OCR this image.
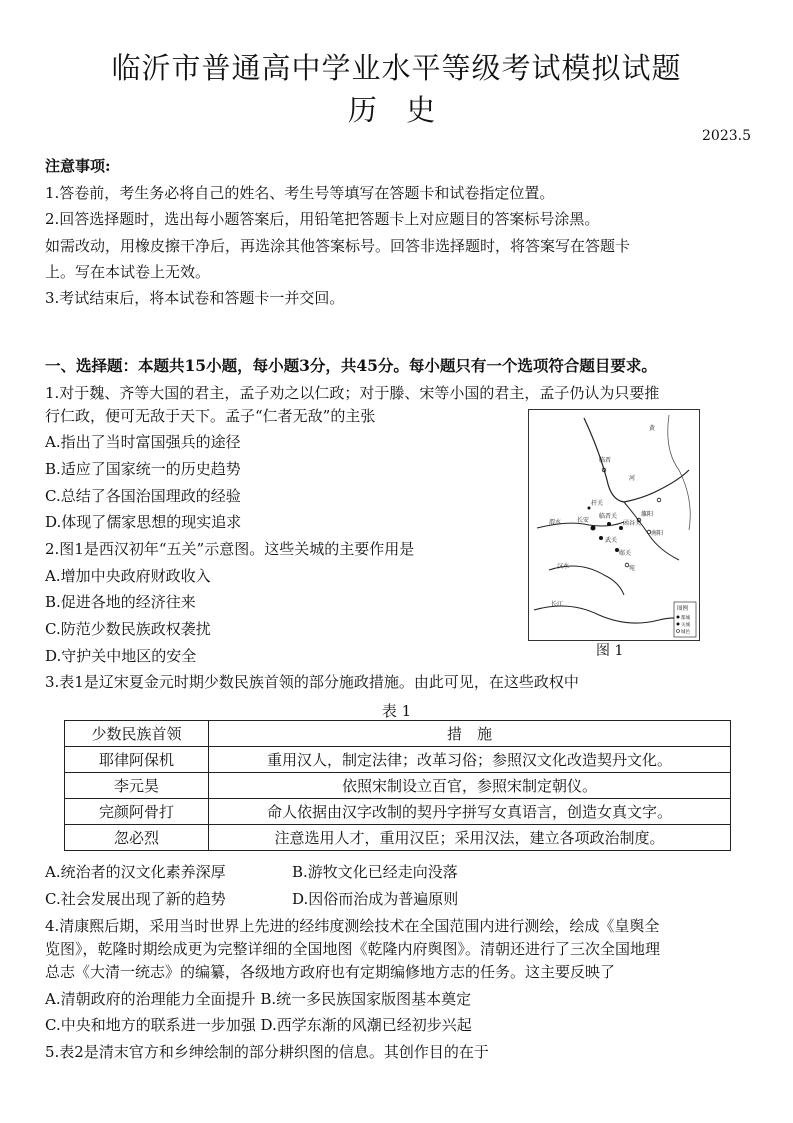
临沂市普通高中学业水平等级考试模拟试题
历 史
2023.5
注意事项:
1.答卷前，考生务必将自己的姓名、考生号等填写在答题卡和试卷指定位置。
2.回答选择题时，选出每小题答案后，用铅笔把答题卡上对应题目的答案标号涂黑。
如需改动，用橡皮擦干净后，再选涂其他答案标号。回答非选择题时，将答案写在答题卡
上。写在本试卷上无效。
3.考试结束后，将本试卷和答题卡一并交回。
一、选择题：本题共15小题，每小题3分，共45分。每小题只有一个选项符合题目要求。
1.对于魏、齐等大国的君主，孟子劝之以仁政；对于滕、宋等小国的君主，孟子仍认为只要推
行仁政，便可无敌于天下。孟子“仁者无敌”的主张
A.指出了当时富国强兵的途径
B.适应了国家统一的历史趋势
C.总结了各国治国理政的经验
D.体现了儒家思想的现实追求
2.图1是西汉初年“五关”示意图。这些关城的主要作用是
A.增加中央政府财政收入
B.促进各地的经济往来
C.防范少数民族政权袭扰
D.守护关中地区的安全
长安
临晋关
函谷关
武关
郧关
扞关
雒阳
南阳
宛
临晋
黄
河
渭水
汉水
长江
图例
都城
关城
城邑
图 1
3.表1是辽宋夏金元时期少数民族首领的部分施政措施。由此可见，在这些政权中
表 1
少数民族首领	措　施
耶律阿保机	重用汉人，制定法律；改革习俗；参照汉文化改造契丹文化。
李元昊	依照宋制设立百官，参照宋制定朝仪。
完颜阿骨打	命人依据由汉字改制的契丹字拼写女真语言，创造女真文字。
忽必烈	注意选用人才，重用汉臣；采用汉法，建立各项政治制度。
A.统治者的汉文化素养深厚	B.游牧文化已经走向没落
C.社会发展出现了新的趋势	D.因俗而治成为普遍原则
4.清康熙后期，采用当时世界上先进的经纬度测绘技术在全国范围内进行测绘，绘成《皇舆全
览图》，乾隆时期绘成更为完整详细的全国地图《乾隆内府舆图》。清朝还进行了三次全国地理
总志《大清一统志》的编纂，各级地方政府也有定期编修地方志的任务。这主要反映了
A.清朝政府的治理能力全面提升 B.统一多民族国家版图基本奠定
C.中央和地方的联系进一步加强 D.西学东渐的风潮已经初步兴起
5.表2是清末官方和乡绅绘制的部分耕织图的信息。其创作目的在于
